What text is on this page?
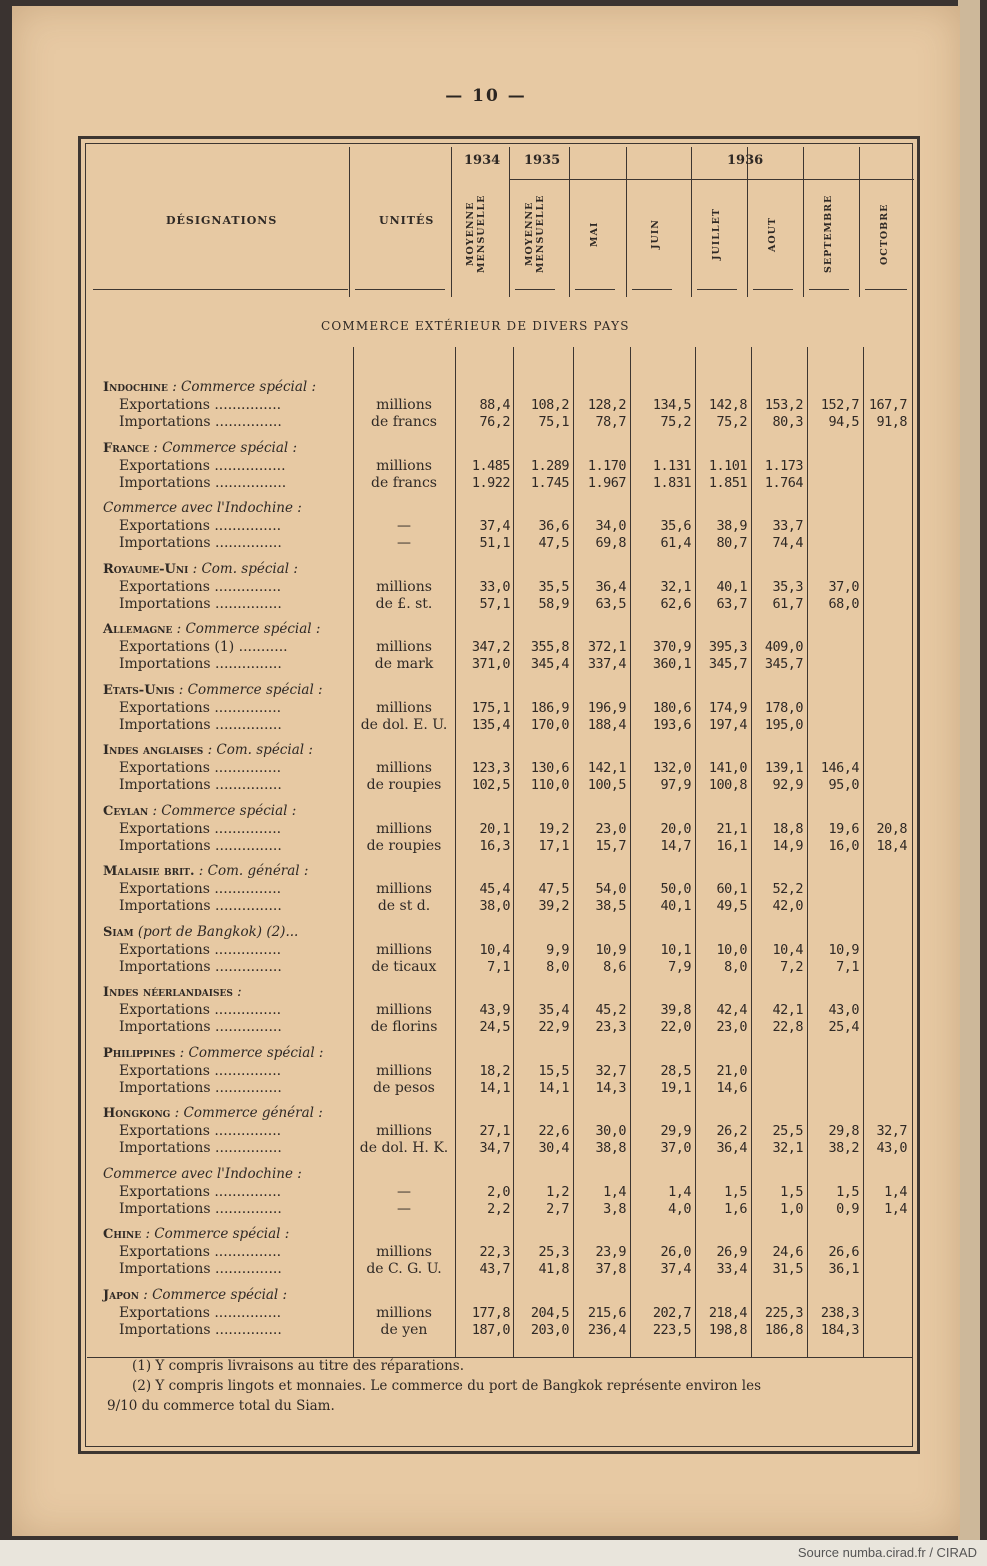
— 10 —
DÉSIGNATIONS	UNITÉS
1934 1935	1936
MOYENNE MENSUELLE	MOYENNE MENSUELLE	MAI	JUIN	JUILLET	AOUT	SEPTEMBRE	OCTOBRE
COMMERCE EXTÉRIEUR DE DIVERS PAYS
Indochine : Commerce spécial :
Exportations ...............	millions	88,4	108,2	128,2	134,5	142,8	153,2	152,7 167,7
Importations ...............	de francs	76,2	75,1	78,7	75,2	75,2	80,3	94,5	91,8
France : Commerce spécial :
Exportations ................	millions	1.485	1.289	1.170	1.131	1.101	1.173
Importations ................	de francs	1.922	1.745	1.967	1.831	1.851	1.764
Commerce avec l'Indochine :
Exportations ...............	—	37,4	36,6	34,0	35,6	38,9	33,7
Importations ...............	—	51,1	47,5	69,8	61,4	80,7	74,4
Royaume-Uni : Com. spécial :
Exportations ...............	millions	33,0	35,5	36,4	32,1	40,1	35,3	37,0
Importations ...............	de £. st.	57,1	58,9	63,5	62,6	63,7	61,7	68,0
Allemagne : Commerce spécial :
Exportations (1) ...........	millions	347,2	355,8	372,1	370,9	395,3	409,0
Importations ...............	de mark	371,0	345,4	337,4	360,1	345,7	345,7
Etats-Unis : Commerce spécial :
Exportations ...............	millions	175,1	186,9	196,9	180,6	174,9	178,0
Importations ...............	de dol. E. U.	135,4	170,0	188,4	193,6	197,4	195,0
Indes anglaises : Com. spécial :
Exportations ...............	millions	123,3	130,6	142,1	132,0	141,0	139,1	146,4
Importations ...............	de roupies	102,5	110,0	100,5	97,9	100,8	92,9	95,0
Ceylan : Commerce spécial :
Exportations ...............	millions	20,1	19,2	23,0	20,0	21,1	18,8	19,6	20,8
Importations ...............	de roupies	16,3	17,1	15,7	14,7	16,1	14,9	16,0	18,4
Malaisie brit. : Com. général :
Exportations ...............	millions	45,4	47,5	54,0	50,0	60,1	52,2
Importations ...............	de st d.	38,0	39,2	38,5	40,1	49,5	42,0
Siam (port de Bangkok) (2)...
Exportations ...............	millions	10,4	9,9	10,9	10,1	10,0	10,4	10,9
Importations ...............	de ticaux	7,1	8,0	8,6	7,9	8,0	7,2	7,1
Indes néerlandaises :
Exportations ...............	millions	43,9	35,4	45,2	39,8	42,4	42,1	43,0
Importations ...............	de florins	24,5	22,9	23,3	22,0	23,0	22,8	25,4
Philippines : Commerce spécial :
Exportations ...............	millions	18,2	15,5	32,7	28,5	21,0
Importations ...............	de pesos	14,1	14,1	14,3	19,1	14,6
Hongkong : Commerce général :
Exportations ...............	millions	27,1	22,6	30,0	29,9	26,2	25,5	29,8	32,7
Importations ...............	de dol. H. K.	34,7	30,4	38,8	37,0	36,4	32,1	38,2	43,0
Commerce avec l'Indochine :
Exportations ...............	—	2,0	1,2	1,4	1,4	1,5	1,5	1,5	1,4
Importations ...............	—	2,2	2,7	3,8	4,0	1,6	1,0	0,9	1,4
Chine : Commerce spécial :
Exportations ...............	millions	22,3	25,3	23,9	26,0	26,9	24,6	26,6
Importations ...............	de C. G. U.	43,7	41,8	37,8	37,4	33,4	31,5	36,1
Japon : Commerce spécial :
Exportations ...............	millions	177,8	204,5	215,6	202,7	218,4	225,3	238,3
Importations ...............	de yen	187,0	203,0	236,4	223,5	198,8	186,8	184,3
(1) Y compris livraisons au titre des réparations.
(2) Y compris lingots et monnaies. Le commerce du port de Bangkok représente environ les
9/10 du commerce total du Siam.
Source numba.cirad.fr / CIRAD
